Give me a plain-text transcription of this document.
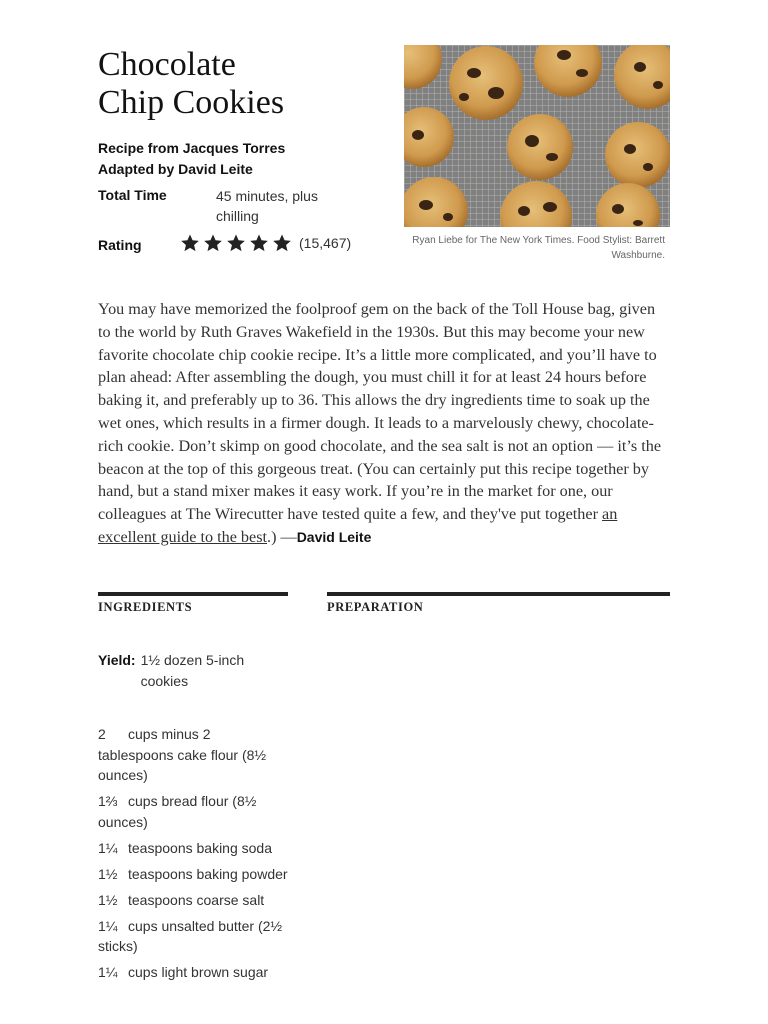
Chocolate
Chip Cookies
Recipe from Jacques Torres
Adapted by David Leite
Total Time	45 minutes, plus chilling
Rating	(15,467)	Ryan Liebe for The New York Times. Food Stylist: Barrett Washburne.
You may have memorized the foolproof gem on the back of the Toll House bag, given to the world by Ruth Graves Wakefield in the 1930s. But this may become your new favorite chocolate chip cookie recipe. It’s a little more complicated, and you’ll have to plan ahead: After assembling the dough, you must chill it for at least 24 hours before baking it, and preferably up to 36. This allows the dry ingredients time to soak up the wet ones, which results in a firmer dough. It leads to a marvelously chewy, chocolate-rich cookie. Don’t skimp on good chocolate, and the sea salt is not an option — it’s the beacon at the top of this gorgeous treat. (You can certainly put this recipe together by hand, but a stand mixer makes it easy work. If you’re in the market for one, our colleagues at The Wirecutter have tested quite a few, and they've put together an excellent guide to the best.) —David Leite
INGREDIENTS	PREPARATION
Yield: 1½ dozen 5-inch cookies
2 cups minus 2 tablespoons cake flour (8½ ounces)
1⅔ cups bread flour (8½ ounces)
1¼ teaspoons baking soda
1½ teaspoons baking powder
1½ teaspoons coarse salt
1¼ cups unsalted butter (2½ sticks)
1¼ cups light brown sugar
